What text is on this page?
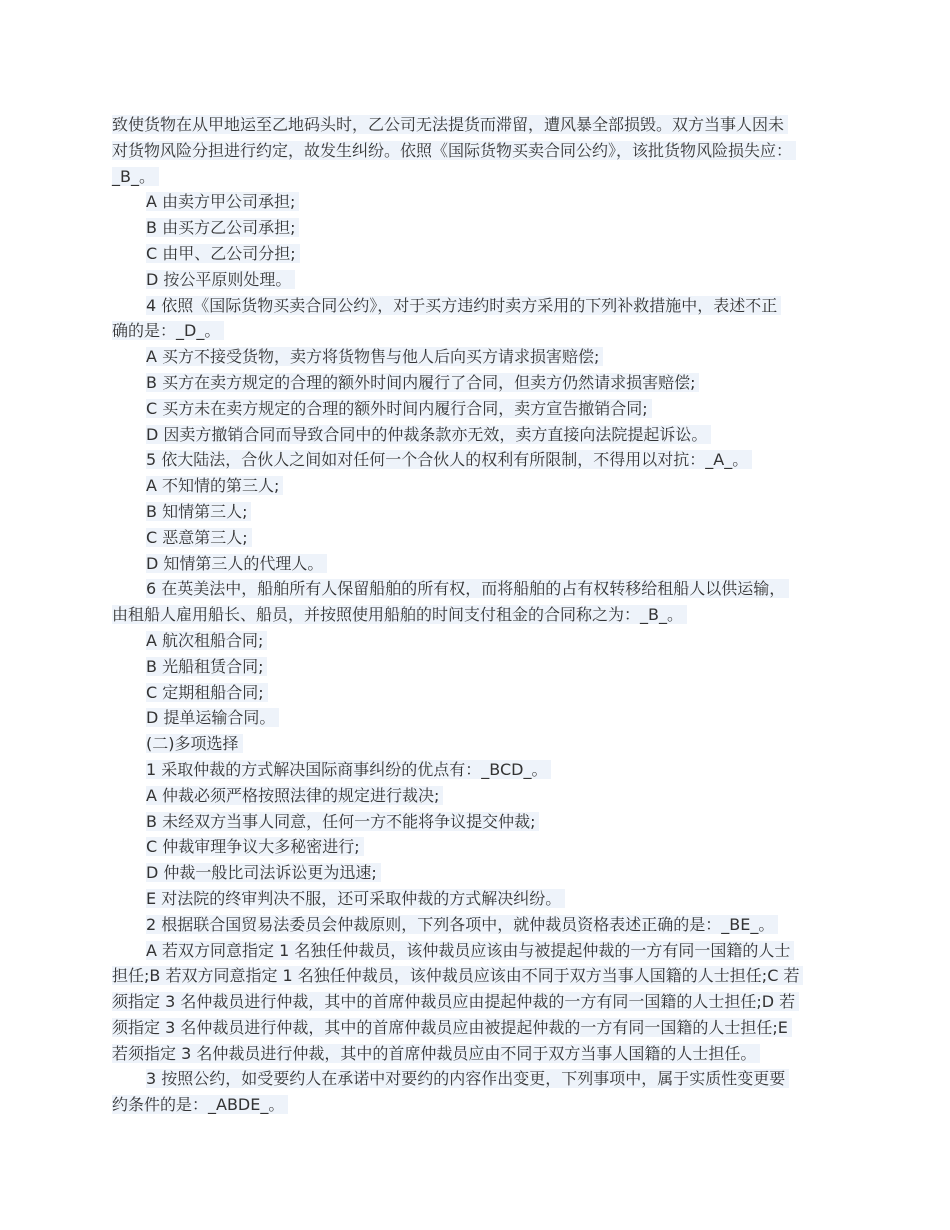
致使货物在从甲地运至乙地码头时，乙公司无法提货而滞留，遭风暴全部损毁。双方当事人因未
对货物风险分担进行约定，故发生纠纷。依照《国际货物买卖合同公约》，该批货物风险损失应：
_B_。
A 由卖方甲公司承担;
B 由买方乙公司承担;
C 由甲、乙公司分担;
D 按公平原则处理。
4 依照《国际货物买卖合同公约》，对于买方违约时卖方采用的下列补救措施中，表述不正
确的是：_D_。
A 买方不接受货物，卖方将货物售与他人后向买方请求损害赔偿;
B 买方在卖方规定的合理的额外时间内履行了合同，但卖方仍然请求损害赔偿;
C 买方未在卖方规定的合理的额外时间内履行合同，卖方宣告撤销合同;
D 因卖方撤销合同而导致合同中的仲裁条款亦无效，卖方直接向法院提起诉讼。
5 依大陆法，合伙人之间如对任何一个合伙人的权利有所限制，不得用以对抗：_A_。
A 不知情的第三人;
B 知情第三人;
C 恶意第三人;
D 知情第三人的代理人。
6 在英美法中，船舶所有人保留船舶的所有权，而将船舶的占有权转移给租船人以供运输，
由租船人雇用船长、船员，并按照使用船舶的时间支付租金的合同称之为：_B_。
A 航次租船合同;
B 光船租赁合同;
C 定期租船合同;
D 提单运输合同。
(二)多项选择
1 采取仲裁的方式解决国际商事纠纷的优点有：_BCD_。
A 仲裁必须严格按照法律的规定进行裁决;
B 未经双方当事人同意，任何一方不能将争议提交仲裁;
C 仲裁审理争议大多秘密进行;
D 仲裁一般比司法诉讼更为迅速;
E 对法院的终审判决不服，还可采取仲裁的方式解决纠纷。
2 根据联合国贸易法委员会仲裁原则，下列各项中，就仲裁员资格表述正确的是：_BE_。
A 若双方同意指定 1 名独任仲裁员，该仲裁员应该由与被提起仲裁的一方有同一国籍的人士
担任;B 若双方同意指定 1 名独任仲裁员，该仲裁员应该由不同于双方当事人国籍的人士担任;C 若
须指定 3 名仲裁员进行仲裁，其中的首席仲裁员应由提起仲裁的一方有同一国籍的人士担任;D 若
须指定 3 名仲裁员进行仲裁，其中的首席仲裁员应由被提起仲裁的一方有同一国籍的人士担任;E
若须指定 3 名仲裁员进行仲裁，其中的首席仲裁员应由不同于双方当事人国籍的人士担任。
3 按照公约，如受要约人在承诺中对要约的内容作出变更，下列事项中，属于实质性变更要
约条件的是：_ABDE_。
